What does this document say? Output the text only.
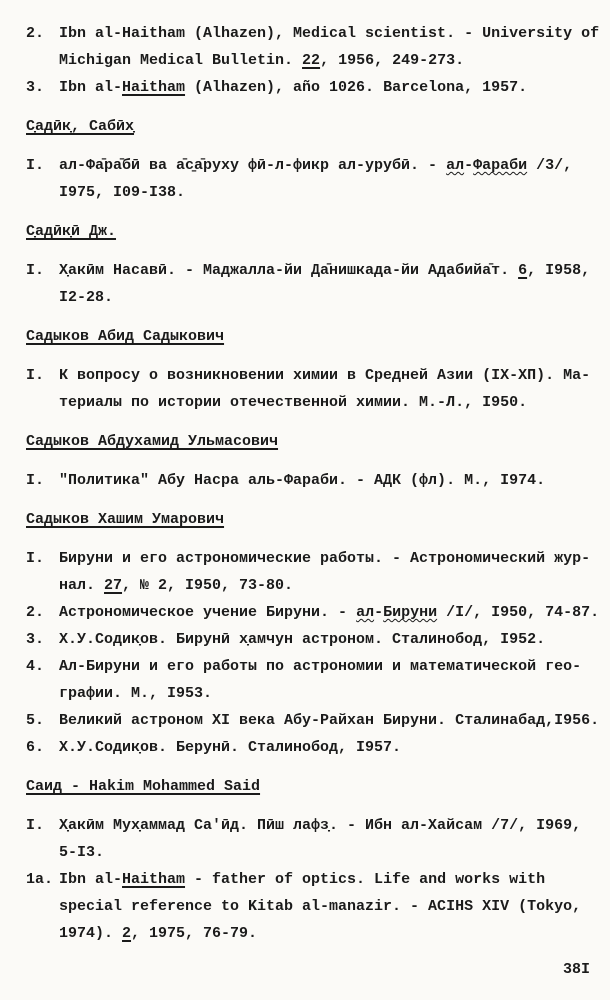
2. Ibn al-Haitham (Alhazen), Medical scientist. - University of Michigan Medical Bulletin. 22, 1956, 249-273.
3. Ibn al-Haitham (Alhazen), año 1026. Barcelona, 1957.
С̣адӣк̣, Сабӣх̣
I. ал-Фа̄ра̄бӣ ва а̄с̱а̄руху фӣ-л-фикр ал-урубӣ. - ал-Фараби /3/, I975, I09-I38.
С̣адӣк̣ӣ Дж.
I. Х̣акӣм Насавӣ. - Маджалла-йи Да̄нишкада-йи Адабийа̄т. 6, I958, I2-28.
Садыков Абид Садыкович
I. К вопросу о возникновении химии в Средней Азии (IX-ХП). Ма-
териалы по истории отечественной химии. М.-Л., I950.
Садыков Абдухамид Ульмасович
I. "Политика" Абу Насра аль-Фараби. - АДК (фл). М., I974.
Садыков Хашим Умарович
I. Бируни и его астрономические работы. - Астрономический жур-
нал. 27, № 2, I950, 73-80.
2. Астрономическое учение Бируни. - ал-Бируни /I/, I950, 74-87.
3. Х.У.Содик̣ов. Бирунӣ х̣амчун астроном. Сталинобод, I952.
4. Ал-Бируни и его работы по астрономии и математической гео-
графии. М., I953.
5. Великий астроном XI века Абу-Райхан Бируни. Сталинабад,I956.
6. Х.У.Содик̣ов. Берунӣ. Сталинобод, I957.
Саид - Hakim Mohammed Said
I. Х̣акӣм Мух̣аммад Са'ӣд. Пӣш лафз̣. - Ибн ал-Хайсам /7/, I969, 5-I3.
1a. Ibn al-Haitham - father of optics. Life and works with special reference to Kitab al-manazir. - ACIHS XIV (Tokyo, 1974). 2, 1975, 76-79.
38I
